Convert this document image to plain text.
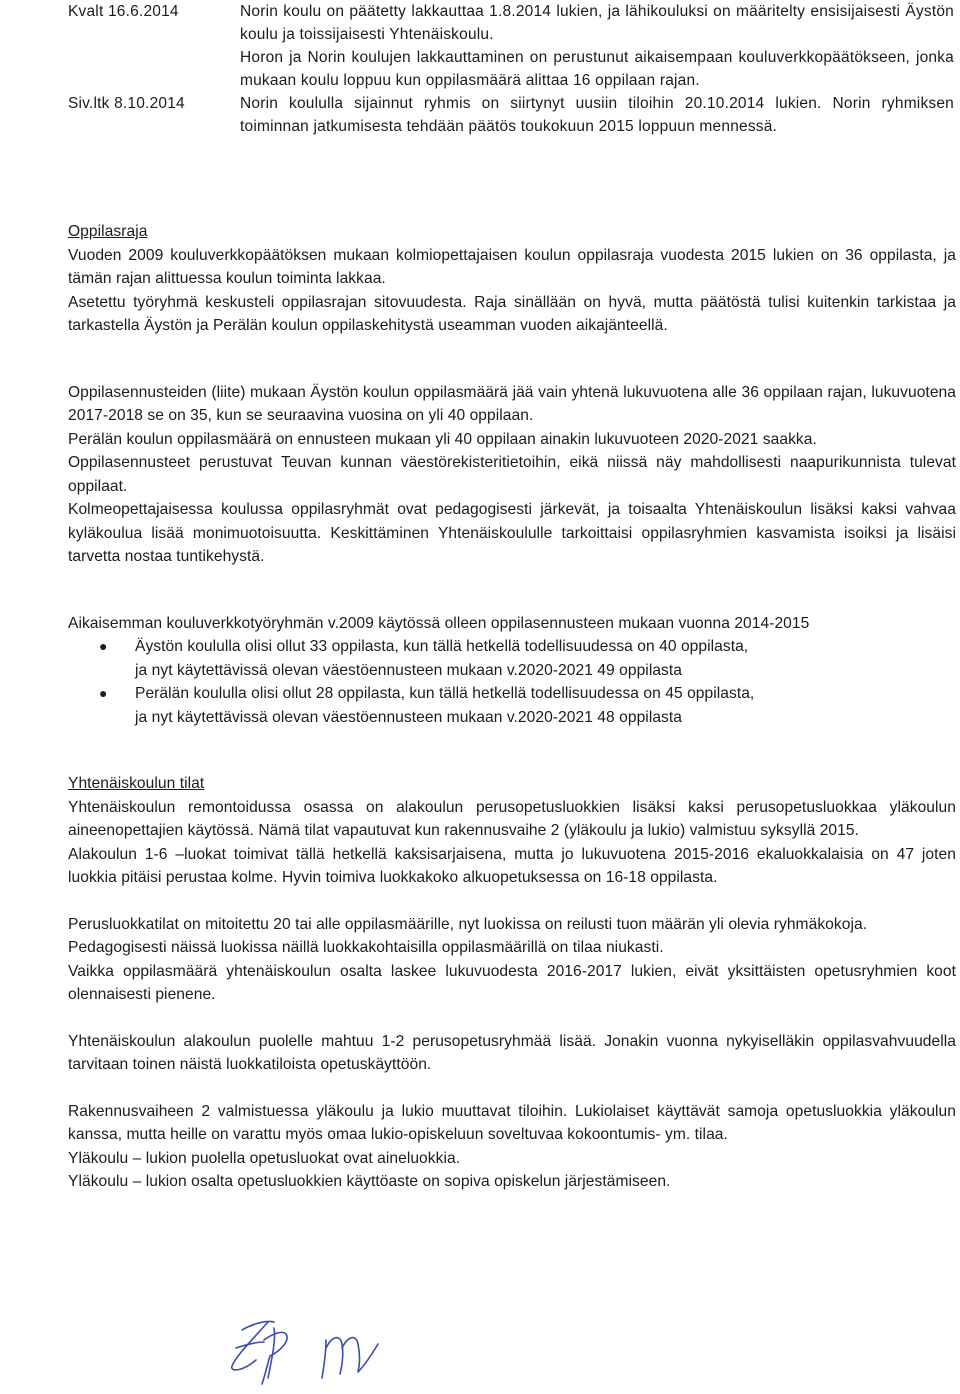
Kvalt 16.6.2014	Norin koulu on päätetty lakkauttaa 1.8.2014 lukien, ja lähikouluksi on määritelty ensisijaisesti Äystön koulu ja toissijaisesti Yhtenäiskoulu.

Horon ja Norin koulujen lakkauttaminen on perustunut aikaisempaan kouluverkkopäätökseen, jonka mukaan koulu loppuu kun oppilasmäärä alittaa 16 oppilaan rajan.

Siv.ltk 8.10.2014	Norin koululla sijainnut ryhmis on siirtynyt uusiin tiloihin 20.10.2014 lukien. Norin ryhmiksen toiminnan jatkumisesta tehdään päätös toukokuun 2015 loppuun mennessä.

Oppilasraja

Vuoden 2009 kouluverkkopäätöksen mukaan kolmiopettajaisen koulun oppilasraja vuodesta 2015 lukien on 36 oppilasta, ja tämän rajan alittuessa koulun toiminta lakkaa.

Asetettu työryhmä keskusteli oppilasrajan sitovuudesta. Raja sinällään on hyvä, mutta päätöstä tulisi kuitenkin tarkistaa ja tarkastella Äystön ja Perälän koulun oppilaskehitystä useamman vuoden aikajänteellä.

Oppilasennusteiden (liite) mukaan Äystön koulun oppilasmäärä jää vain yhtenä lukuvuotena alle 36 oppilaan rajan, lukuvuotena 2017-2018 se on 35, kun se seuraavina vuosina on yli 40 oppilaan.

Perälän koulun oppilasmäärä on ennusteen mukaan yli 40 oppilaan ainakin lukuvuoteen 2020-2021 saakka.

Oppilasennusteet perustuvat Teuvan kunnan väestörekisteritietoihin, eikä niissä näy mahdollisesti naapurikunnista tulevat oppilaat.

Kolmeopettajaisessa koulussa oppilasryhmät ovat pedagogisesti järkevät, ja toisaalta Yhtenäiskoulun lisäksi kaksi vahvaa kyläkoulua lisää monimuotoisuutta. Keskittäminen Yhtenäiskoululle tarkoittaisi oppilasryhmien kasvamista isoiksi ja lisäisi tarvetta nostaa tuntikehystä.

Aikaisemman kouluverkkotyöryhmän v.2009 käytössä olleen oppilasennusteen mukaan vuonna 2014-2015

● Äystön koululla olisi ollut 33 oppilasta, kun tällä hetkellä todellisuudessa on 40 oppilasta,
ja nyt käytettävissä olevan väestöennusteen mukaan v.2020-2021 49 oppilasta
● Perälän koululla olisi ollut 28 oppilasta, kun tällä hetkellä todellisuudessa on 45 oppilasta,
ja nyt käytettävissä olevan väestöennusteen mukaan v.2020-2021 48 oppilasta

Yhtenäiskoulun tilat

Yhtenäiskoulun remontoidussa osassa on alakoulun perusopetusluokkien lisäksi kaksi perusopetusluokkaa yläkoulun aineenopettajien käytössä. Nämä tilat vapautuvat kun rakennusvaihe 2 (yläkoulu ja lukio) valmistuu syksyllä 2015.

Alakoulun 1-6 –luokat toimivat tällä hetkellä kaksisarjaisena, mutta jo lukuvuotena 2015-2016 ekaluokkalaisia on 47 joten luokkia pitäisi perustaa kolme. Hyvin toimiva luokkakoko alkuopetuksessa on 16-18 oppilasta.

Perusluokkatilat on mitoitettu 20 tai alle oppilasmäärille, nyt luokissa on reilusti tuon määrän yli olevia ryhmäkokoja.

Pedagogisesti näissä luokissa näillä luokkakohtaisilla oppilasmäärillä on tilaa niukasti.

Vaikka oppilasmäärä yhtenäiskoulun osalta laskee lukuvuodesta 2016-2017 lukien, eivät yksittäisten opetusryhmien koot olennaisesti pienene.

Yhtenäiskoulun alakoulun puolelle mahtuu 1-2 perusopetusryhmää lisää. Jonakin vuonna nykyiselläkin oppilasvahvuudella tarvitaan toinen näistä luokkatiloista opetuskäyttöön.

Rakennusvaiheen 2 valmistuessa yläkoulu ja lukio muuttavat tiloihin. Lukiolaiset käyttävät samoja opetusluokkia yläkoulun kanssa, mutta heille on varattu myös omaa lukio-opiskeluun soveltuvaa kokoontumis- ym. tilaa.

Yläkoulu – lukion puolella opetusluokat ovat aineluokkia.

Yläkoulu – lukion osalta opetusluokkien käyttöaste on sopiva opiskelun järjestämiseen.
